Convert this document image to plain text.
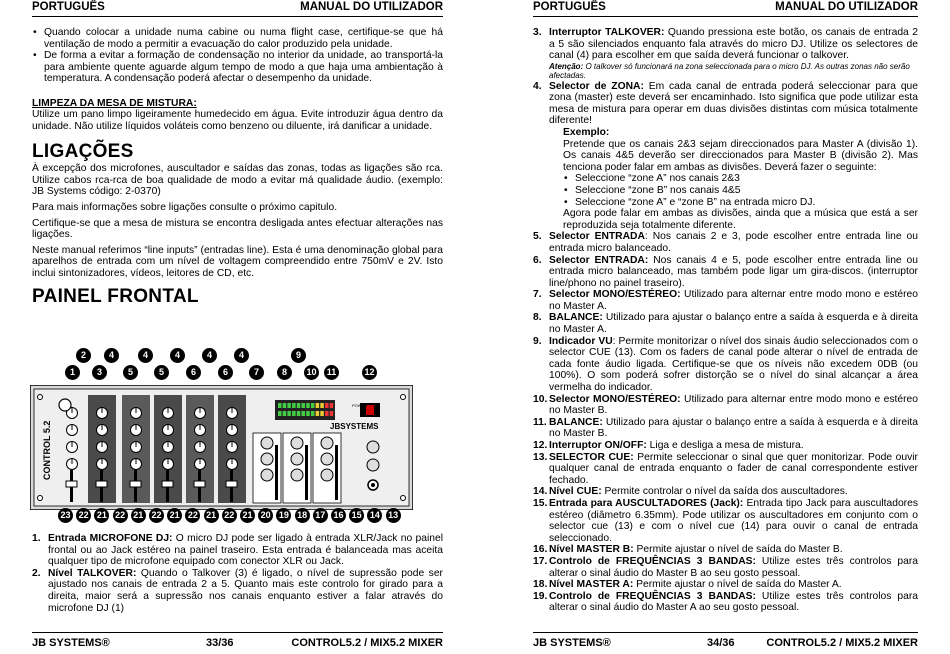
PORTUGUÊS	MANUAL DO UTILIZADOR

• Quando colocar a unidade numa cabine ou numa flight case, certifique-se que há ventilação de modo a permitir a evacuação do calor produzido pela unidade.

• De forma a evitar a formação de condensação no interior da unidade, ao transportá-la para ambiente quente aguarde algum tempo de modo a que haja uma ambientação à temperatura. A condensação poderá afectar o desempenho da unidade.

LIMPEZA DA MESA DE MISTURA:

Utilize um pano limpo ligeiramente humedecido em água. Evite introduzir água dentro da unidade. Não utilize líquidos voláteis como benzeno ou diluente, irá danificar a unidade.

LIGAÇÕES

À excepção dos microfones, auscultador e saídas das zonas, todas as ligações são rca. Utilize cabos rca-rca de boa qualidade de modo a evitar má qualidade áudio. (exemplo: JB Systems código: 2-0370)

Para mais informações sobre ligações consulte o próximo capitulo.

Certifique-se que a mesa de mistura se encontra desligada antes efectuar alterações nas ligações.

Neste manual referimos “line inputs” (entradas line). Esta é uma denominação global para aparelhos de entrada com um nível de voltagem compreendido entre 750mV e 2V. Isto inclui sintonizadores, vídeos, leitores de CD, etc.

PAINEL FRONTAL
POWER
JBSYSTEMS
CONTROL 5.2
2	4	4	4	4	4	9
1	3	5	5	6	6	7	8	10	11	12
23 22 21 22 21 22 21 22 21 22 21 20 19 18 17 16 15 14 13
1. Entrada MICROFONE DJ: O micro DJ pode ser ligado à entrada XLR/Jack no painel frontal ou ao Jack estéreo na painel traseiro. Esta entrada é balanceada mas aceita qualquer tipo de microfone equipado com conector XLR ou Jack.
2. Nível TALKOVER: Quando o Talkover (3) é ligado, o nível de supressão pode ser ajustado nos canais de entrada 2 a 5. Quanto mais este controlo for girado para a direita, maior será a supressão nos canais enquanto estiver a falar através do microfone DJ (1)
JB SYSTEMS®	33/36	CONTROL5.2 / MIX5.2 MIXER
PORTUGUÊS	MANUAL DO UTILIZADOR
3. Interruptor TALKOVER: Quando pressiona este botão, os canais de entrada 2 a 5 são silenciados enquanto fala através do micro DJ. Utilize os selectores de canal (4) para escolher em que saída deverá funcionar o talkover.
Atenção: O talkover só funcionará na zona seleccionada para o micro DJ. As outras zonas não serão afectadas.
4. Selector de ZONA: Em cada canal de entrada poderá seleccionar para que zona (master) este deverá ser encaminhado. Isto significa que pode utilizar esta mesa de mistura para operar em duas divisões distintas com música totalmente diferente!
Exemplo:
Pretende que os canais 2&3 sejam direccionados para Master A (divisão 1). Os canais 4&5 deverão ser direccionados para Master B (divisão 2). Mas tenciona poder falar em ambas as divisões. Deverá fazer o seguinte:
• Seleccione “zone A” nos canais 2&3
• Seleccione “zone B” nos canais 4&5
• Seleccione “zone A” e “zone B” na entrada micro DJ.
Agora pode falar em ambas as divisões, ainda que a música que está a ser reproduzida seja totalmente diferente.
5. Selector ENTRADA: Nos canais 2 e 3, pode escolher entre entrada line ou entrada micro balanceado.
6. Selector ENTRADA: Nos canais 4 e 5, pode escolher entre entrada line ou entrada micro balanceado, mas também pode ligar um gira-discos. (interruptor line/phono no painel traseiro).
7. Selector MONO/ESTÉREO: Utilizado para alternar entre modo mono e estéreo no Master A.
8. BALANCE: Utilizado para ajustar o balanço entre a saída à esquerda e à direita no Master A.
9. Indicador VU: Permite monitorizar o nível dos sinais áudio seleccionados com o selector CUE (13). Com os faders de canal pode alterar o nível de entrada de cada fonte áudio ligada. Certifique-se que os níveis não excedem 0DB (ou 100%). O som poderá sofrer distorção se o nível do sinal alcançar a área vermelha do indicador.
10. Selector MONO/ESTÉREO: Utilizado para alternar entre modo mono e estéreo no Master B.
11. BALANCE: Utilizado para ajustar o balanço entre a saída à esquerda e à direita no Master B.
12. Interruptor ON/OFF: Liga e desliga a mesa de mistura.
13. SELECTOR CUE: Permite seleccionar o sinal que quer monitorizar. Pode ouvir qualquer canal de entrada enquanto o fader de canal correspondente estiver fechado.
14. Nível CUE: Permite controlar o nível da saída dos auscultadores.
15. Entrada para AUSCULTADORES (Jack): Entrada tipo Jack para auscultadores estéreo (diâmetro 6.35mm). Pode utilizar os auscultadores em conjunto com o selector cue (13) e com o nível cue (14) para ouvir o canal de entrada seleccionado.
16. Nível MASTER B: Permite ajustar o nível de saída do Master B.
17. Controlo de FREQUÊNCIAS 3 BANDAS: Utilize estes três controlos para alterar o sinal áudio do Master B ao seu gosto pessoal.
18. Nível MASTER A: Permite ajustar o nível de saída do Master A.
19. Controlo de FREQUÊNCIAS 3 BANDAS: Utilize estes três controlos para alterar o sinal áudio do Master A ao seu gosto pessoal.
JB SYSTEMS®	34/36	CONTROL5.2 / MIX5.2 MIXER
